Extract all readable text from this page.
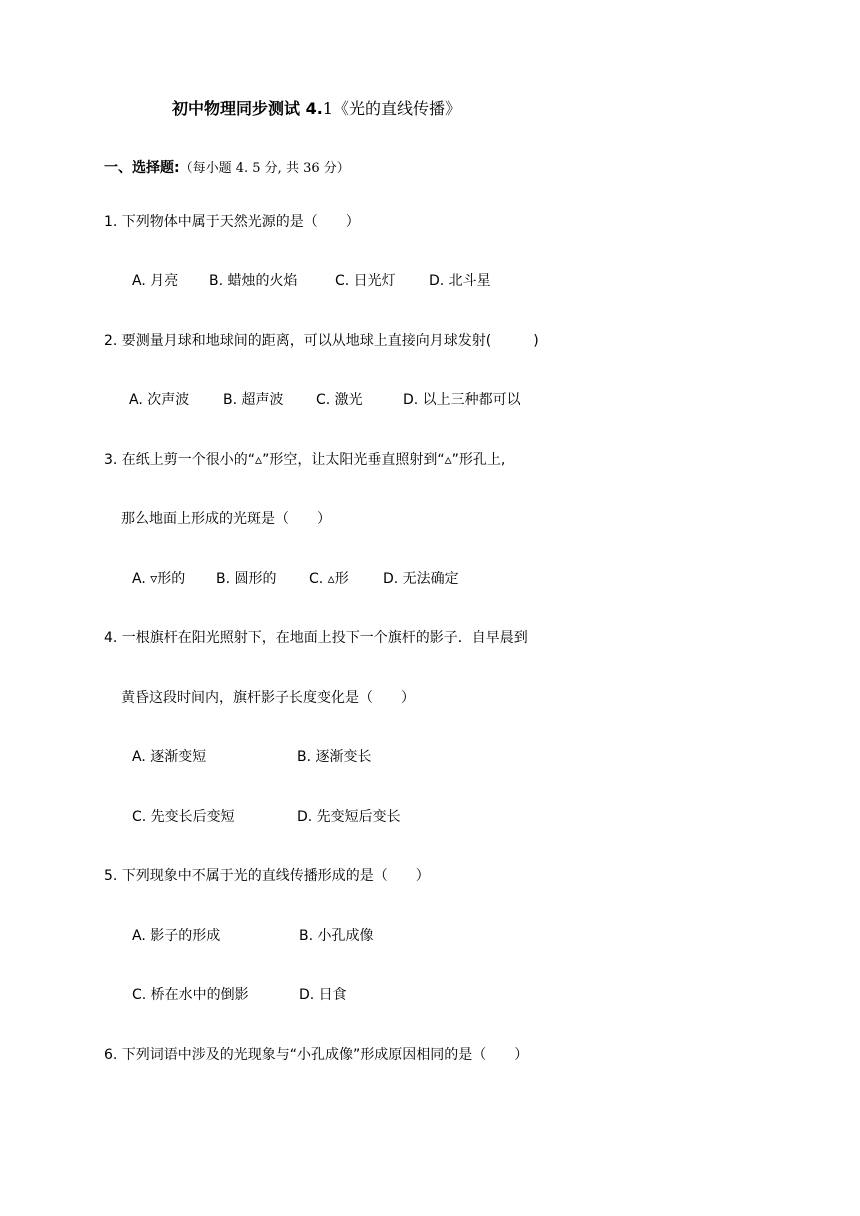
初中物理同步测试 4.1《光的直线传播》
一、选择题:（每小题 4. 5 分, 共 36 分）
1. 下列物体中属于天然光源的是（　　）
A. 月亮 B. 蜡烛的火焰	C. 日光灯 D. 北斗星
2. 要测量月球和地球间的距离，可以从地球上直接向月球发射(　　　)
A. 次声波 B. 超声波 C. 激光	D. 以上三种都可以
3. 在纸上剪一个很小的“▵”形空，让太阳光垂直照射到“▵”形孔上,
那么地面上形成的光斑是（　　）
A. ▿形的 B. 圆形的 C. ▵形 D. 无法确定
4. 一根旗杆在阳光照射下，在地面上投下一个旗杆的影子．自早晨到
黄昏这段时间内，旗杆影子长度变化是（　　）
A. 逐渐变短	B. 逐渐变长
C. 先变长后变短	D. 先变短后变长
5. 下列现象中不属于光的直线传播形成的是（　　）
A. 影子的形成	B. 小孔成像
C. 桥在水中的倒影	D. 日食
6. 下列词语中涉及的光现象与“小孔成像”形成原因相同的是（　　）
